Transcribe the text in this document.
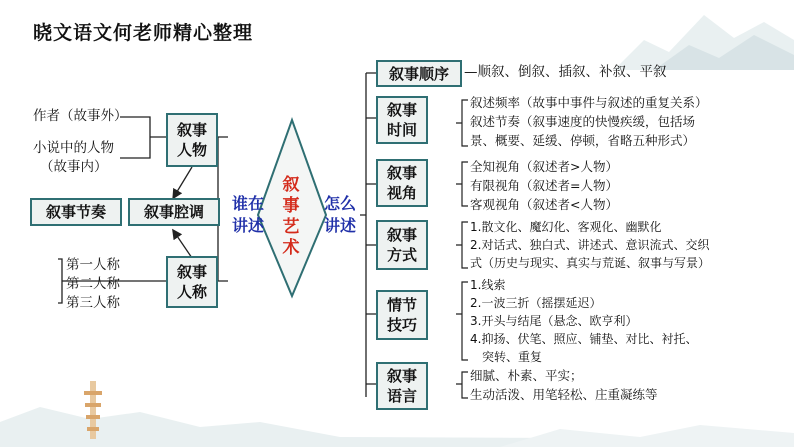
晓文语文何老师精心整理
作者（故事外）
小说中的人物
（故事内）
叙事
人物
叙事节奏	叙事腔调
第一人称
第二人称
第三人称
叙事
人称
谁在
讲述
叙
事
艺
术
怎么
讲述
叙事顺序	—顺叙、倒叙、插叙、补叙、平叙
叙事
时间
叙述频率（故事中事件与叙述的重复关系）
叙述节奏（叙事速度的快慢疾缓，包括场
景、概要、延缓、停顿，省略五种形式）
叙事
视角
全知视角（叙述者>人物）
有限视角（叙述者=人物）
客观视角（叙述者<人物）
叙事
方式
1.散文化、魔幻化、客观化、幽默化
2.对话式、独白式、讲述式、意识流式、交织
式（历史与现实、真实与荒诞、叙事与写景）
情节
技巧
1.线索
2.一波三折（摇摆延迟）
3.开头与结尾（悬念、欧亨利）
4.抑扬、伏笔、照应、铺垫、对比、衬托、
突转、重复
叙事
语言
细腻、朴素、平实；
生动活泼、用笔轻松、庄重凝练等
